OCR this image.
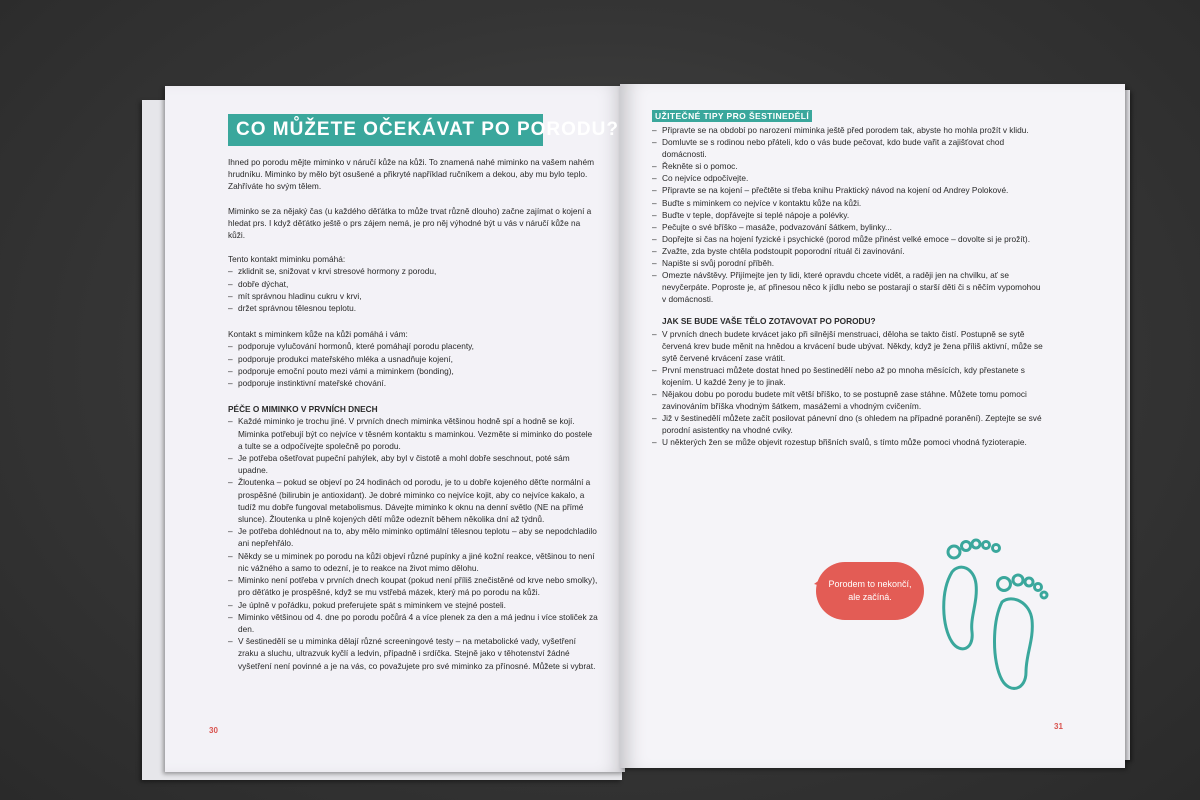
CO MŮŽETE OČEKÁVAT PO PORODU?

Ihned po porodu mějte miminko v náručí kůže na kůži. To znamená nahé miminko na vašem nahém hrudníku. Miminko by mělo být osušené a přikryté například ručníkem a dekou, aby mu bylo teplo. Zahříváte ho svým tělem.

Miminko se za nějaký čas (u každého děťátka to může trvat různě dlouho) začne zajímat o kojení a hledat prs. I když děťátko ještě o prs zájem nemá, je pro něj výhodné být u vás v náručí kůže na kůži.

Tento kontakt miminku pomáhá:

– zklidnit se, snižovat v krvi stresové hormony z porodu,
– dobře dýchat,
– mít správnou hladinu cukru v krvi,
– držet správnou tělesnou teplotu.

Kontakt s miminkem kůže na kůži pomáhá i vám:

– podporuje vylučování hormonů, které pomáhají porodu placenty,
– podporuje produkci mateřského mléka a usnadňuje kojení,
– podporuje emoční pouto mezi vámi a miminkem (bonding),
– podporuje instinktivní mateřské chování.

PÉČE O MIMINKO V PRVNÍCH DNECH

– Každé miminko je trochu jiné. V prvních dnech miminka většinou hodně spí a hodně se kojí. Miminka potřebují být co nejvíce v těsném kontaktu s maminkou. Vezměte si miminko do postele a tulte se a odpočívejte společně po porodu.
– Je potřeba ošetřovat pupeční pahýlek, aby byl v čistotě a mohl dobře seschnout, poté sám upadne.
– Žloutenka – pokud se objeví po 24 hodinách od porodu, je to u dobře kojeného děťte normální a prospěšné (bilirubin je antioxidant). Je dobré miminko co nejvíce kojit, aby co nejvíce kakalo, a tudíž mu dobře fungoval metabolismus. Dávejte miminko k oknu na denní světlo (NE na přímé slunce). Žloutenka u plně kojených dětí může odeznít během několika dní až týdnů.
– Je potřeba dohlédnout na to, aby mělo miminko optimální tělesnou teplotu – aby se nepodchladilo ani nepřehřálo.
– Někdy se u miminek po porodu na kůži objeví různé pupínky a jiné kožní reakce, většinou to není nic vážného a samo to odezní, je to reakce na život mimo dělohu.
– Miminko není potřeba v prvních dnech koupat (pokud není příliš znečistěné od krve nebo smolky), pro děťátko je prospěšné, když se mu vstřebá mázek, který má po porodu na kůži.
– Je úplně v pořádku, pokud preferujete spát s miminkem ve stejné posteli.
– Miminko většinou od 4. dne po porodu počůrá 4 a více plenek za den a má jednu i více stoliček za den.
– V šestinedělí se u miminka dělají různé screeningové testy – na metabolické vady, vyšetření zraku a sluchu, ultrazvuk kyčlí a ledvin, případně i srdíčka. Stejně jako v těhotenství žádné vyšetření není povinné a je na vás, co považujete pro své miminko za přínosné. Můžete si vybrat.
30
UŽITEČNÉ TIPY PRO ŠESTINEDĚLÍ
– Připravte se na období po narození miminka ještě před porodem tak, abyste ho mohla prožít v klidu.
– Domluvte se s rodinou nebo přáteli, kdo o vás bude pečovat, kdo bude vařit a zajišťovat chod domácnosti.
– Řekněte si o pomoc.
– Co nejvíce odpočívejte.
– Připravte se na kojení – přečtěte si třeba knihu Praktický návod na kojení od Andrey Polokové.
– Buďte s miminkem co nejvíce v kontaktu kůže na kůži.
– Buďte v teple, dopřávejte si teplé nápoje a polévky.
– Pečujte o své bříško – masáže, podvazování šátkem, bylinky...
– Dopřejte si čas na hojení fyzické i psychické (porod může přinést velké emoce – dovolte si je prožít).
– Zvažte, zda byste chtěla podstoupit poporodní rituál či zavinování.
– Napište si svůj porodní příběh.
– Omezte návštěvy. Přijímejte jen ty lidi, které opravdu chcete vidět, a raději jen na chvilku, ať se nevyčerpáte. Poproste je, ať přinesou něco k jídlu nebo se postarají o starší děti či s něčím vypomohou v domácnosti.

JAK SE BUDE VAŠE TĚLO ZOTAVOVAT PO PORODU?

– V prvních dnech budete krvácet jako při silnější menstruaci, děloha se takto čistí. Postupně se sytě červená krev bude měnit na hnědou a krvácení bude ubývat. Někdy, když je žena příliš aktivní, může se sytě červené krvácení zase vrátit.
– První menstruaci můžete dostat hned po šestinedělí nebo až po mnoha měsících, kdy přestanete s kojením. U každé ženy je to jinak.
– Nějakou dobu po porodu budete mít větší bříško, to se postupně zase stáhne. Můžete tomu pomoci zavinováním bříška vhodným šátkem, masážemi a vhodným cvičením.
– Již v šestinedělí můžete začít posilovat pánevní dno (s ohledem na případné poranění). Zeptejte se své porodní asistentky na vhodné cviky.
– U některých žen se může objevit rozestup břišních svalů, s tímto může pomoci vhodná fyzioterapie.
Porodem to nekončí,
ale začíná.
31
